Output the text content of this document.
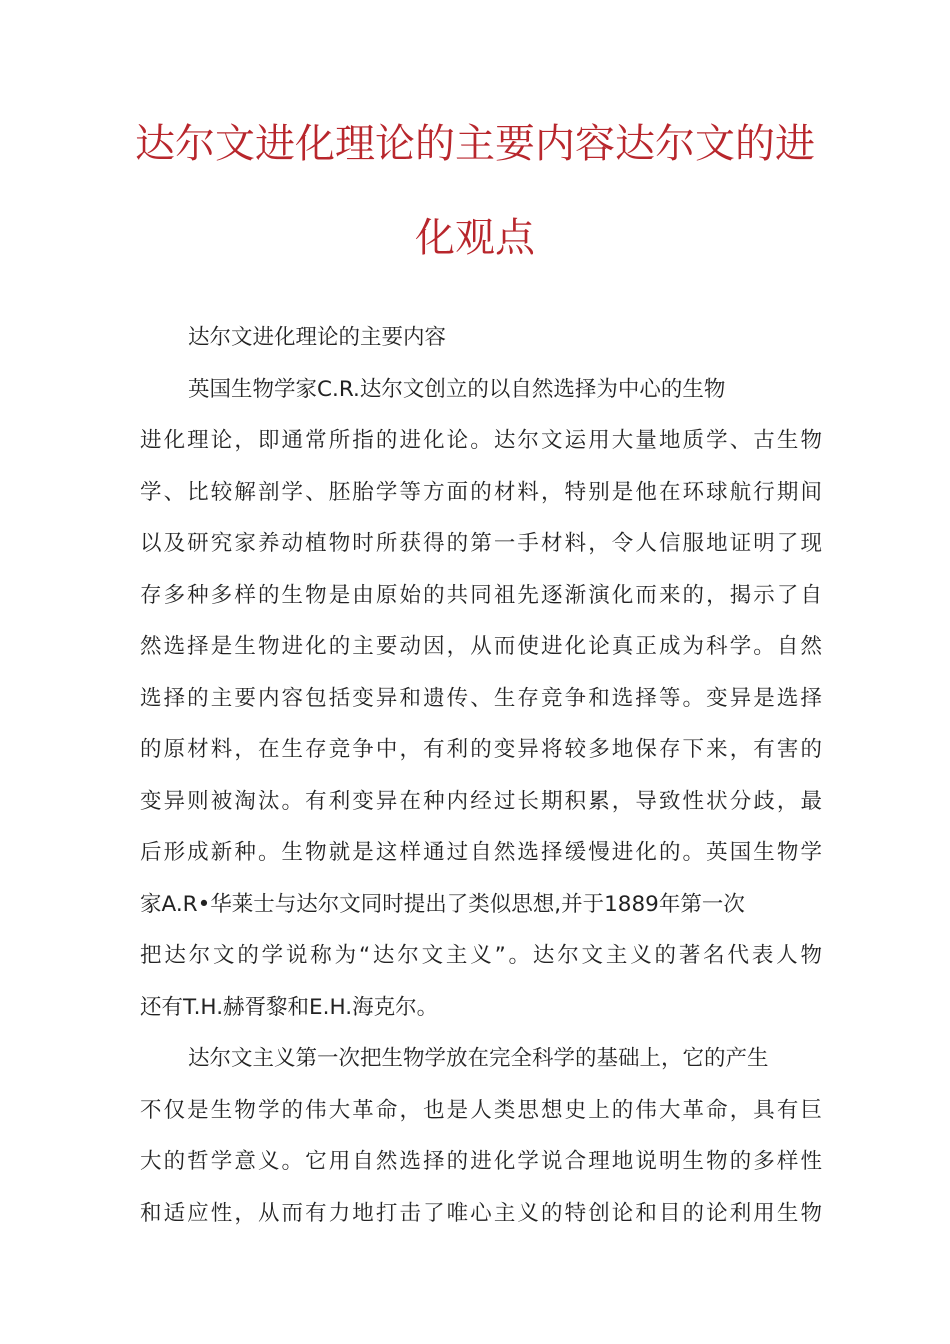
达尔文进化理论的主要内容达尔文的进
化观点
达尔文进化理论的主要内容
英国生物学家C.R.达尔文创立的以自然选择为中心的生物
进化理论，即通常所指的进化论。达尔文运用大量地质学、古生物
学、比较解剖学、胚胎学等方面的材料，特别是他在环球航行期间
以及研究家养动植物时所获得的第一手材料，令人信服地证明了现
存多种多样的生物是由原始的共同祖先逐渐演化而来的，揭示了自
然选择是生物进化的主要动因，从而使进化论真正成为科学。自然
选择的主要内容包括变异和遗传、生存竞争和选择等。变异是选择
的原材料，在生存竞争中，有利的变异将较多地保存下来，有害的
变异则被淘汰。有利变异在种内经过长期积累，导致性状分歧，最
后形成新种。生物就是这样通过自然选择缓慢进化的。英国生物学
家A.R•华莱士与达尔文同时提出了类似思想,并于1889年第一次
把达尔文的学说称为“达尔文主义”。达尔文主义的著名代表人物
还有T.H.赫胥黎和E.H.海克尔。
达尔文主义第一次把生物学放在完全科学的基础上，它的产生
不仅是生物学的伟大革命，也是人类思想史上的伟大革命，具有巨
大的哲学意义。它用自然选择的进化学说合理地说明生物的多样性
和适应性，从而有力地打击了唯心主义的特创论和目的论利用生物
